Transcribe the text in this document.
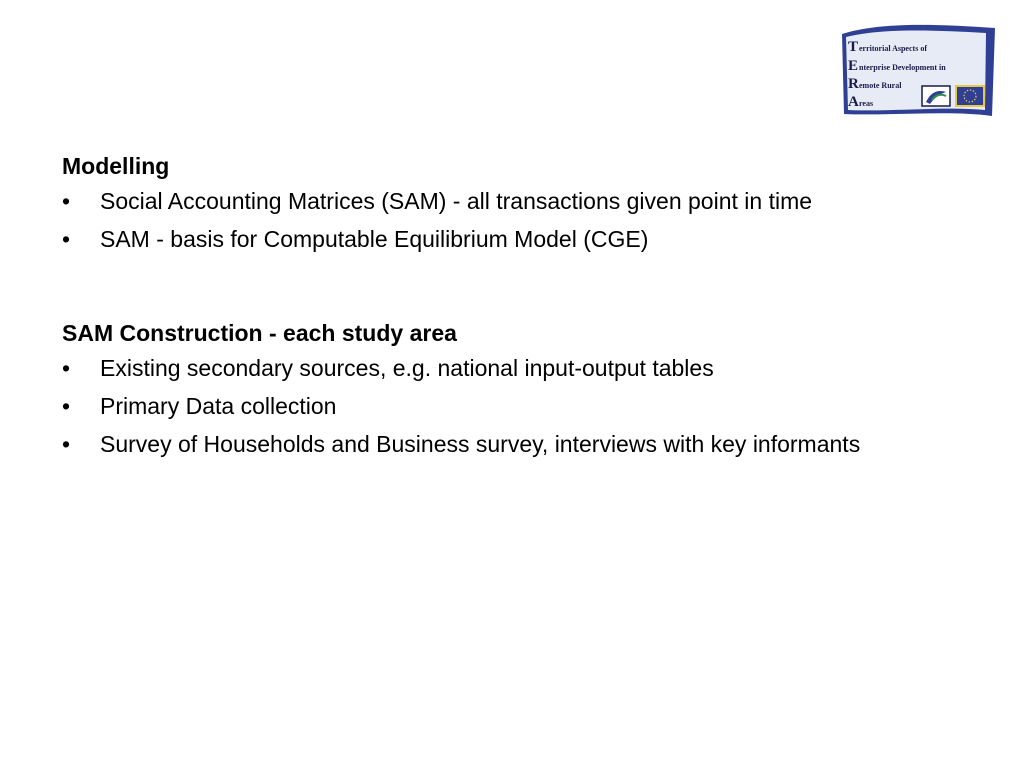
T erritorial Aspects of
E nterprise Development in
R emote Rural
A reas
Modelling
•	Social Accounting Matrices (SAM) - all transactions given point in time
•	SAM - basis for Computable Equilibrium Model (CGE)
SAM Construction - each study area
•	Existing secondary sources, e.g. national input-output tables
•	Primary Data collection
•	Survey of Households and Business survey, interviews with key informants
